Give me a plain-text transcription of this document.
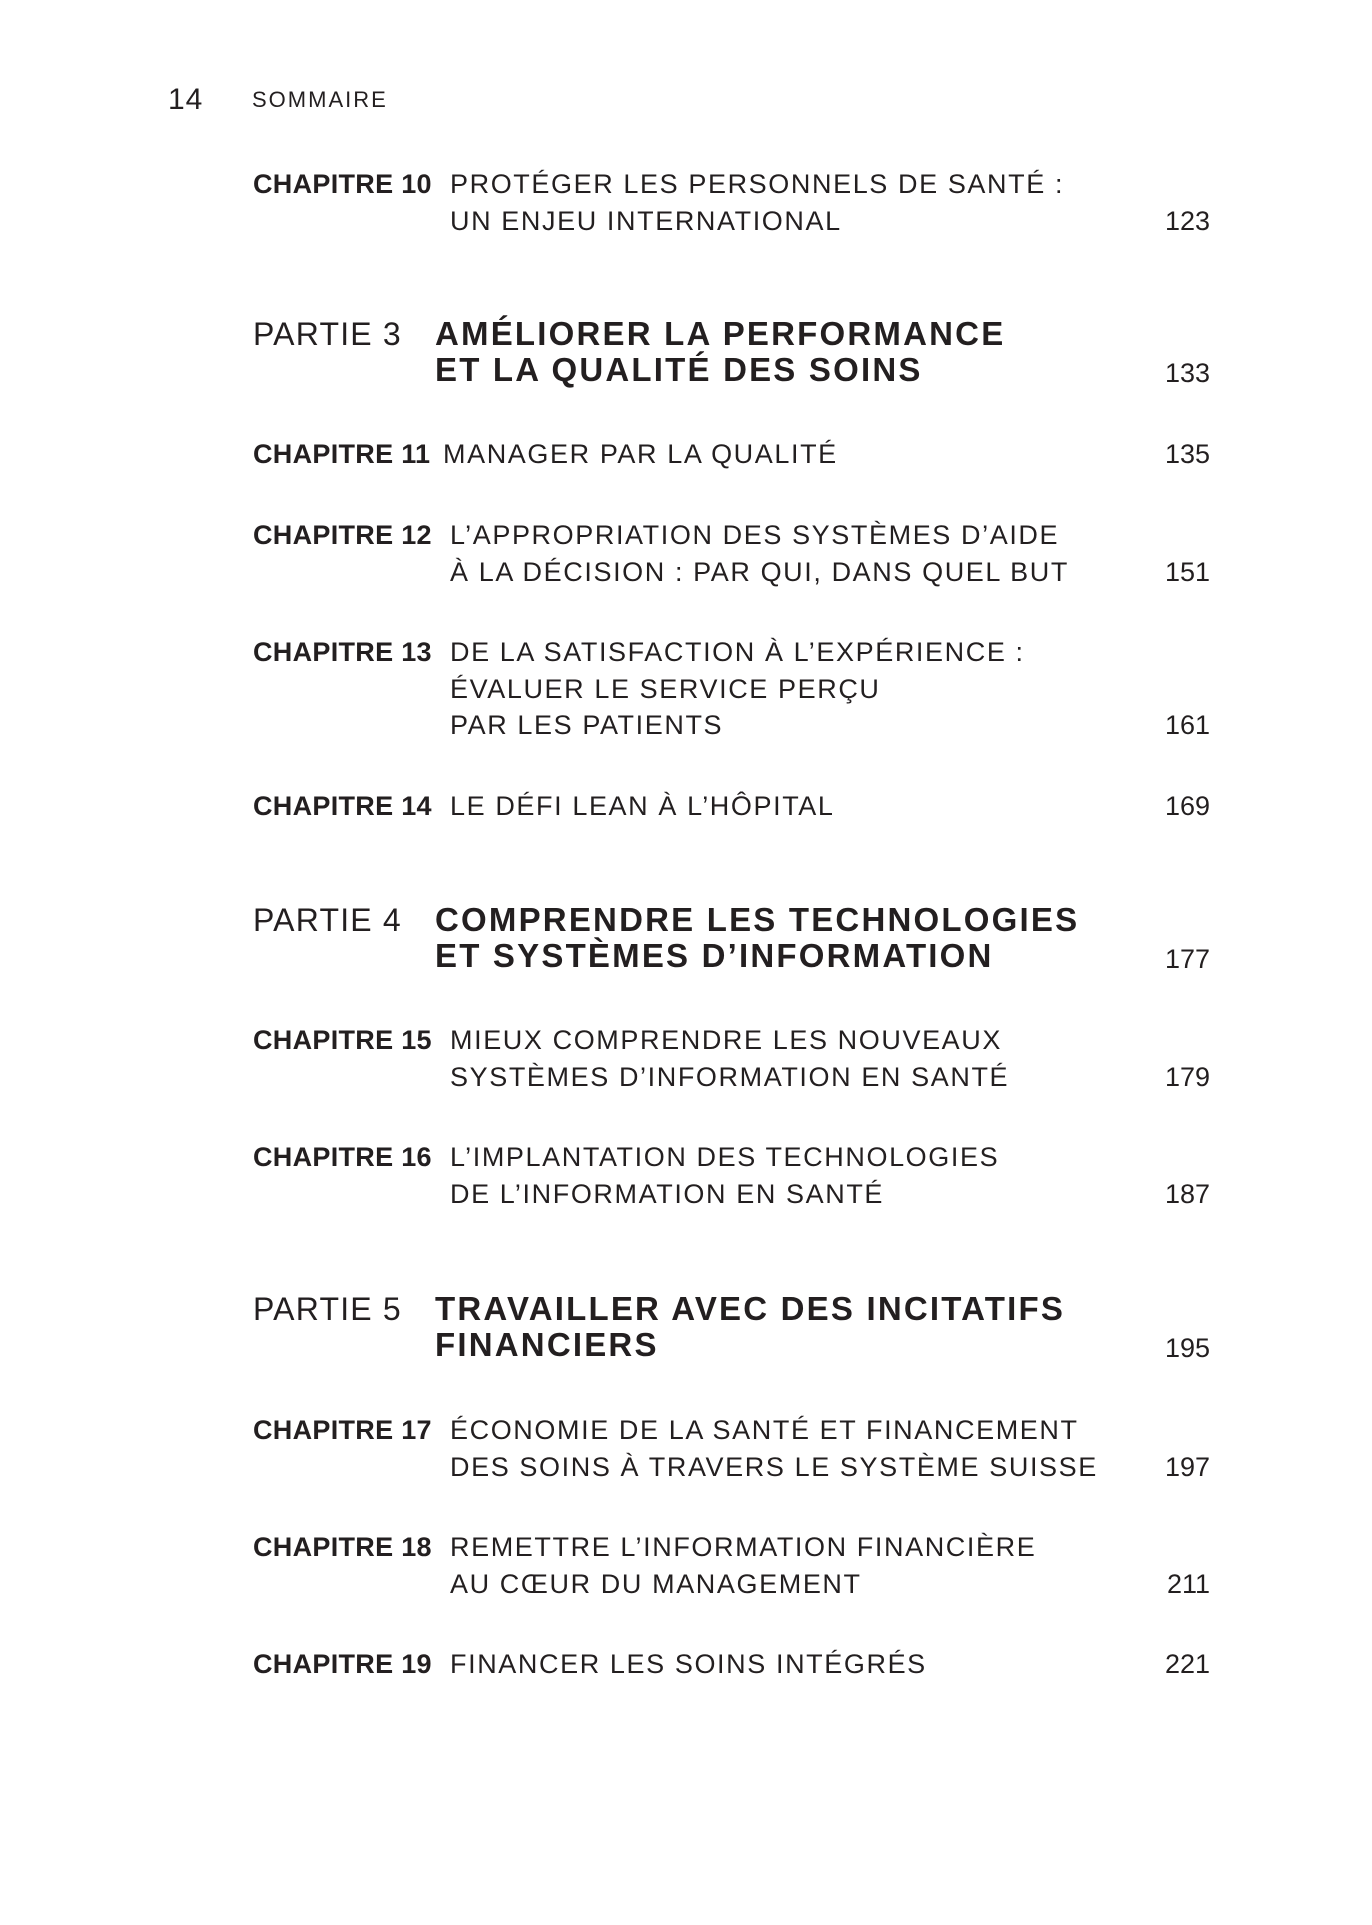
14 SOMMAIRE
CHAPITRE 10 PROTÉGER LES PERSONNELS DE SANTÉ :
UN ENJEU INTERNATIONAL	123
PARTIE 3 AMÉLIORER LA PERFORMANCE
ET LA QUALITÉ DES SOINS	133
CHAPITRE 11 MANAGER PAR LA QUALITÉ	135
CHAPITRE 12 L’APPROPRIATION DES SYSTÈMES D’AIDE
À LA DÉCISION : PAR QUI, DANS QUEL BUT	151
CHAPITRE 13 DE LA SATISFACTION À L’EXPÉRIENCE :
ÉVALUER LE SERVICE PERÇU
PAR LES PATIENTS	161
CHAPITRE 14 LE DÉFI LEAN À L’HÔPITAL	169
PARTIE 4 COMPRENDRE LES TECHNOLOGIES
ET SYSTÈMES D’INFORMATION	177
CHAPITRE 15 MIEUX COMPRENDRE LES NOUVEAUX
SYSTÈMES D’INFORMATION EN SANTÉ	179
CHAPITRE 16 L’IMPLANTATION DES TECHNOLOGIES
DE L’INFORMATION EN SANTÉ	187
PARTIE 5 TRAVAILLER AVEC DES INCITATIFS
FINANCIERS	195
CHAPITRE 17 ÉCONOMIE DE LA SANTÉ ET FINANCEMENT
DES SOINS À TRAVERS LE SYSTÈME SUISSE 197
CHAPITRE 18 REMETTRE L’INFORMATION FINANCIÈRE
AU CŒUR DU MANAGEMENT	211
CHAPITRE 19 FINANCER LES SOINS INTÉGRÉS	221
